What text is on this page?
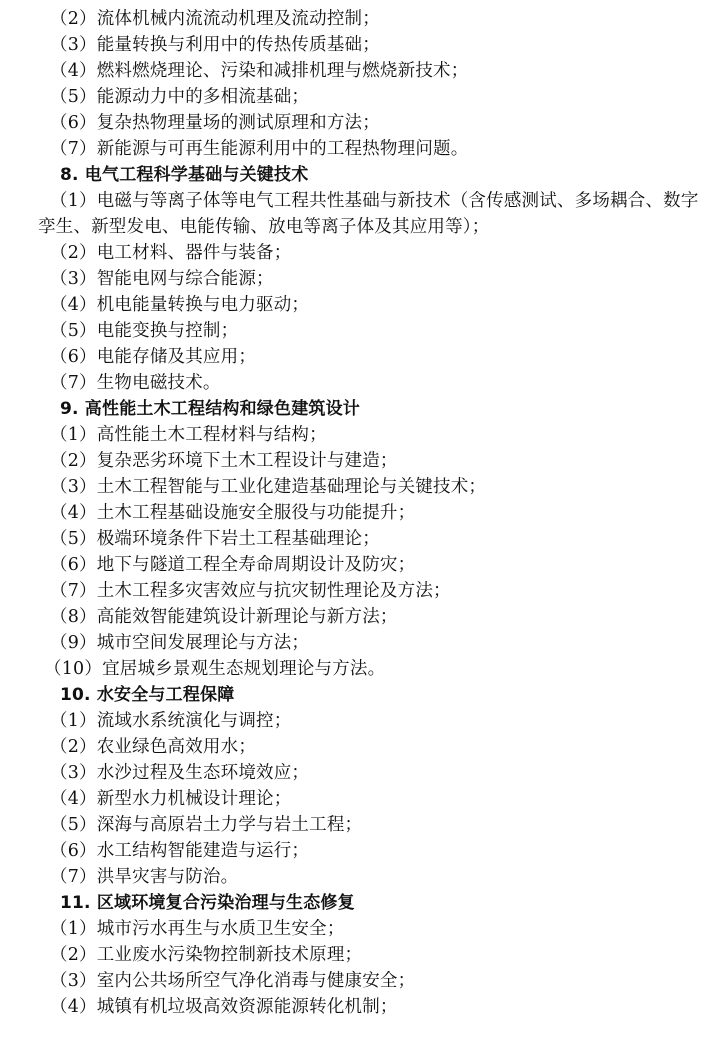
（2）流体机械内流流动机理及流动控制；
（3）能量转换与利用中的传热传质基础；
（4）燃料燃烧理论、污染和减排机理与燃烧新技术；
（5）能源动力中的多相流基础；
（6）复杂热物理量场的测试原理和方法；
（7）新能源与可再生能源利用中的工程热物理问题。
8. 电气工程科学基础与关键技术
（1）电磁与等离子体等电气工程共性基础与新技术（含传感测试、多场耦合、数字
孪生、新型发电、电能传输、放电等离子体及其应用等）；
（2）电工材料、器件与装备；
（3）智能电网与综合能源；
（4）机电能量转换与电力驱动；
（5）电能变换与控制；
（6）电能存储及其应用；
（7）生物电磁技术。
9. 高性能土木工程结构和绿色建筑设计
（1）高性能土木工程材料与结构；
（2）复杂恶劣环境下土木工程设计与建造；
（3）土木工程智能与工业化建造基础理论与关键技术；
（4）土木工程基础设施安全服役与功能提升；
（5）极端环境条件下岩土工程基础理论；
（6）地下与隧道工程全寿命周期设计及防灾；
（7）土木工程多灾害效应与抗灾韧性理论及方法；
（8）高能效智能建筑设计新理论与新方法；
（9）城市空间发展理论与方法；
（10）宜居城乡景观生态规划理论与方法。
10. 水安全与工程保障
（1）流域水系统演化与调控；
（2）农业绿色高效用水；
（3）水沙过程及生态环境效应；
（4）新型水力机械设计理论；
（5）深海与高原岩土力学与岩土工程；
（6）水工结构智能建造与运行；
（7）洪旱灾害与防治。
11. 区域环境复合污染治理与生态修复
（1）城市污水再生与水质卫生安全；
（2）工业废水污染物控制新技术原理；
（3）室内公共场所空气净化消毒与健康安全；
（4）城镇有机垃圾高效资源能源转化机制；
